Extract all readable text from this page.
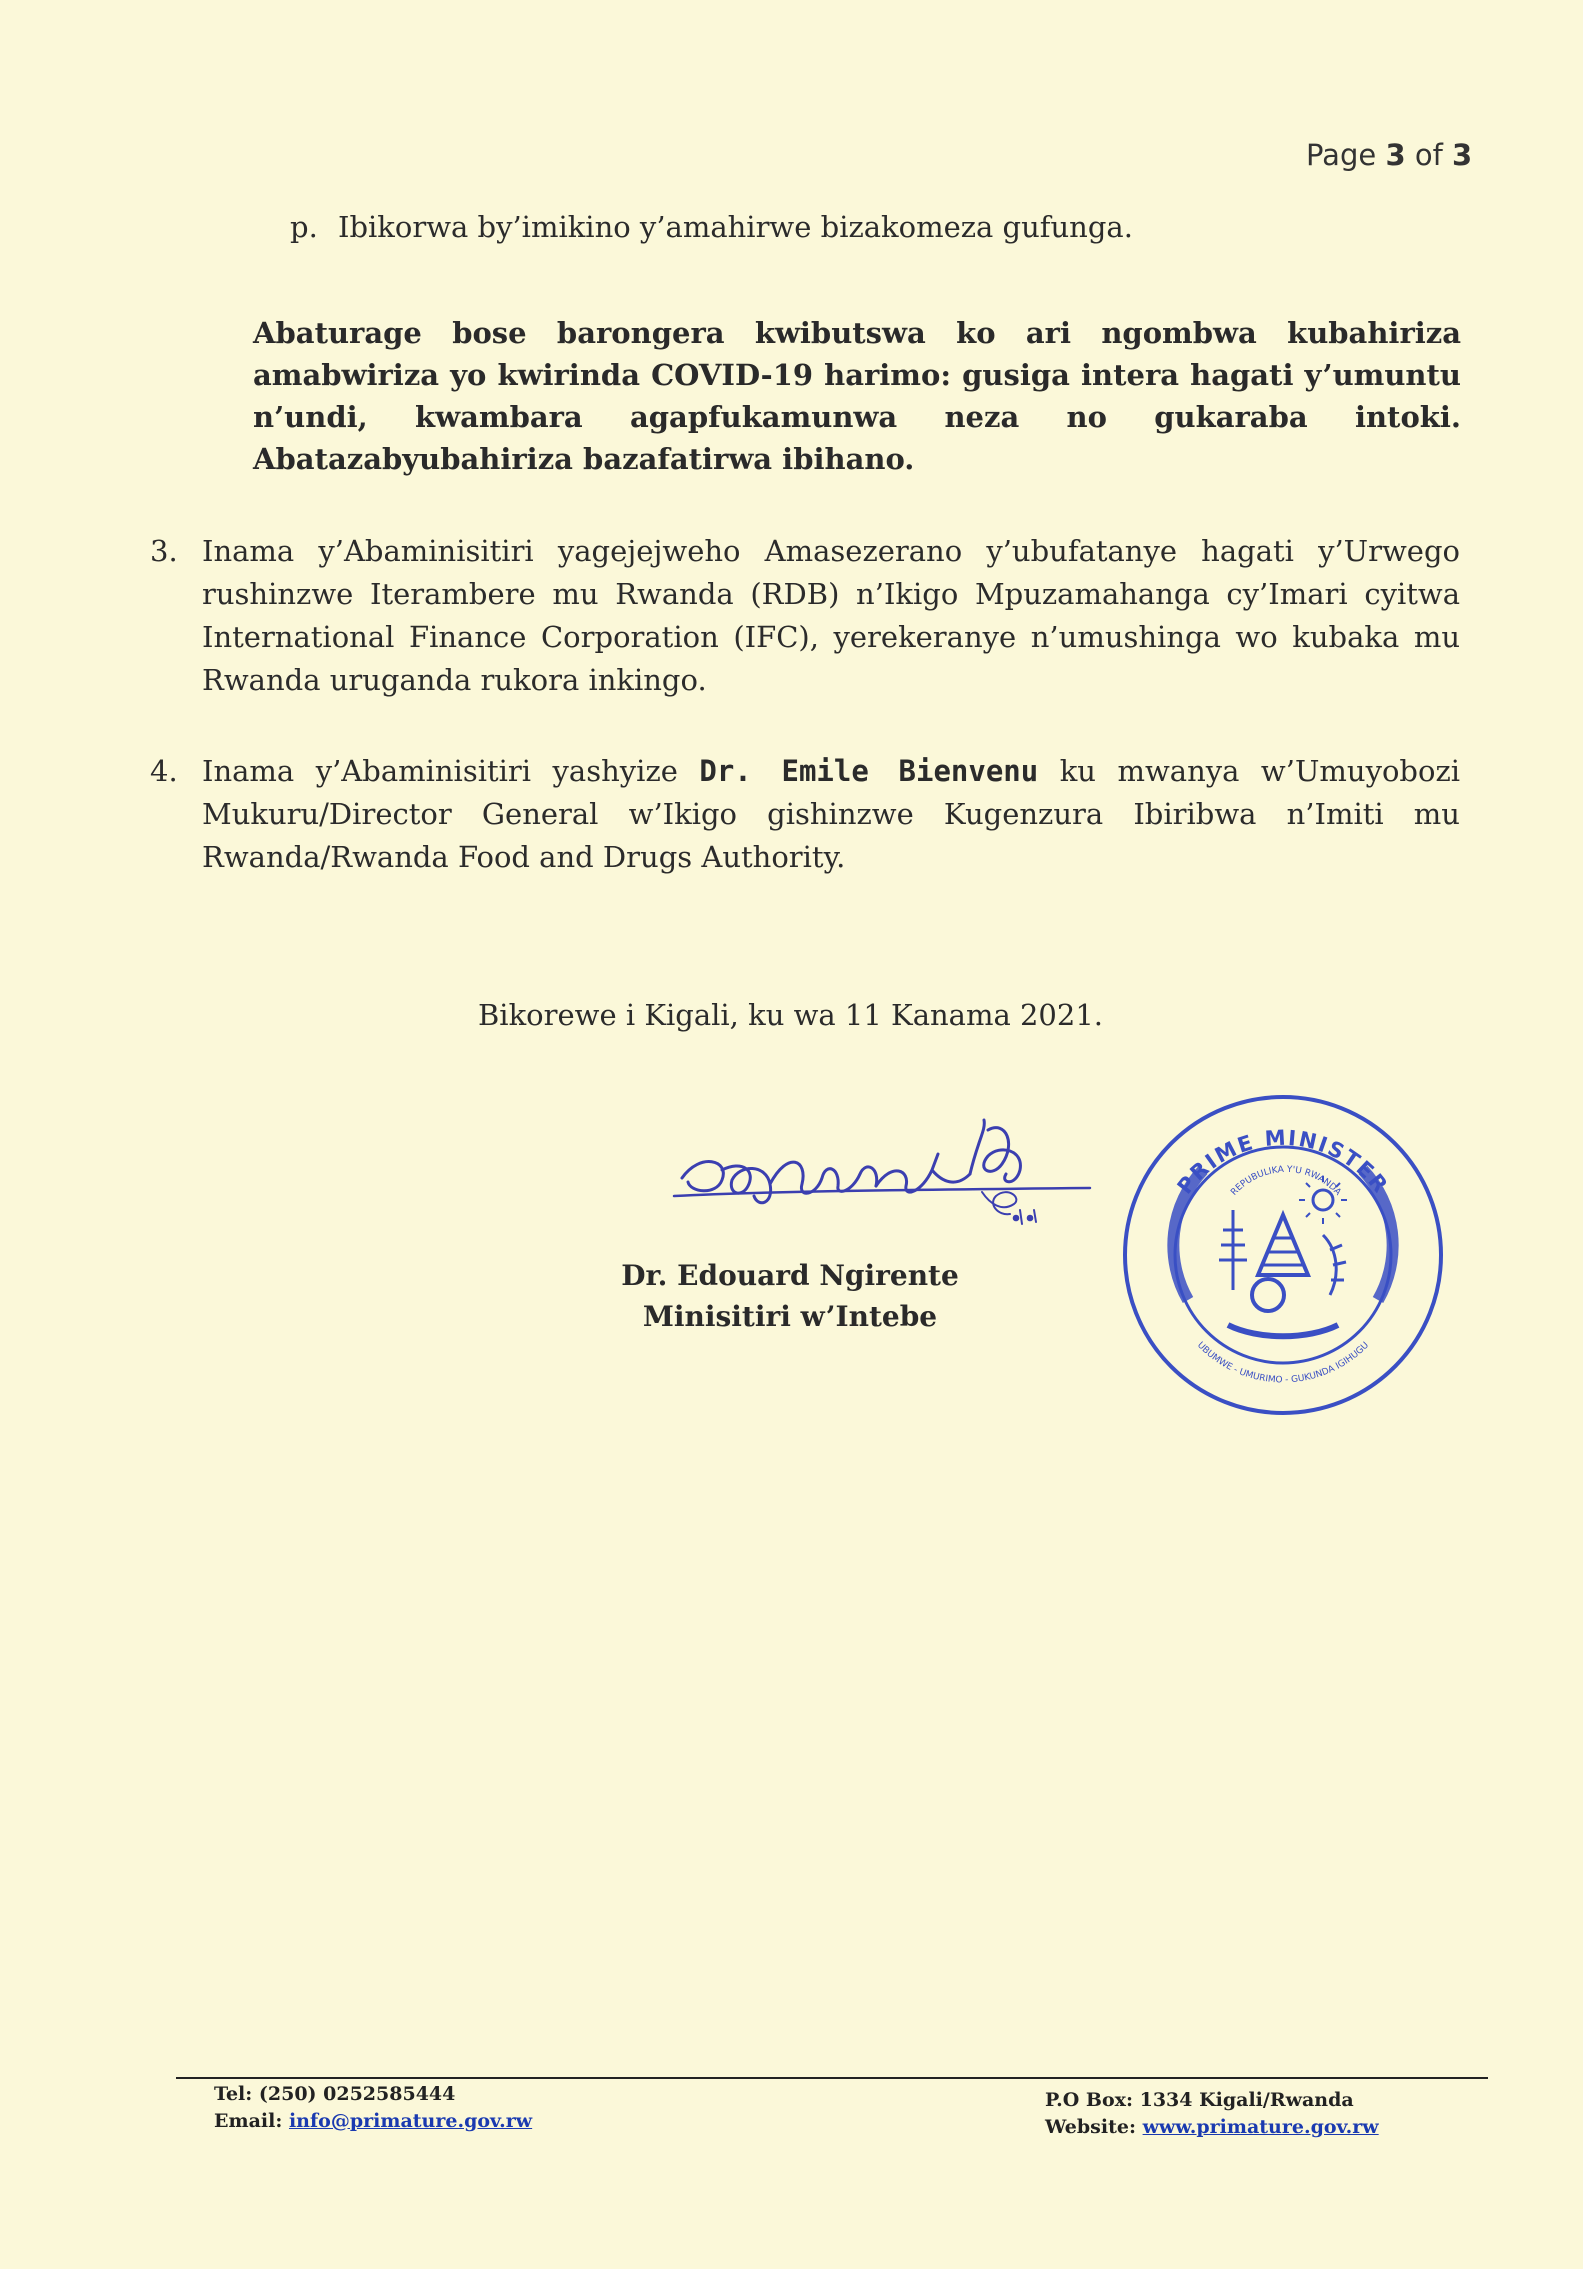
Page 3 of 3
p. Ibikorwa by’imikino y’amahirwe bizakomeza gufunga.
Abaturage bose barongera kwibutswa ko ari ngombwa kubahiriza amabwiriza yo kwirinda COVID-19 harimo: gusiga intera hagati y’umuntu n’undi, kwambara agapfukamunwa neza no gukaraba intoki. Abatazabyubahiriza bazafatirwa ibihano.
3. Inama y’Abaminisitiri yagejejweho Amasezerano y’ubufatanye hagati y’Urwego rushinzwe Iterambere mu Rwanda (RDB) n’Ikigo Mpuzamahanga cy’Imari cyitwa International Finance Corporation (IFC), yerekeranye n’umushinga wo kubaka mu Rwanda uruganda rukora inkingo.
4. Inama y’Abaminisitiri yashyize Dr. Emile Bienvenu ku mwanya w’Umuyobozi Mukuru/Director General w’Ikigo gishinzwe Kugenzura Ibiribwa n’Imiti mu Rwanda/Rwanda Food and Drugs Authority.
Bikorewe i Kigali, ku wa 11 Kanama 2021.
Dr. Edouard Ngirente
Minisitiri w’Intebe
PRIME MINISTER
REPUBULIKA Y'U RWANDA
UBUMWE - UMURIMO - GUKUNDA IGIHUGU
Tel: (250) 0252585444
Email: info@primature.gov.rw
P.O Box: 1334 Kigali/Rwanda
Website: www.primature.gov.rw
